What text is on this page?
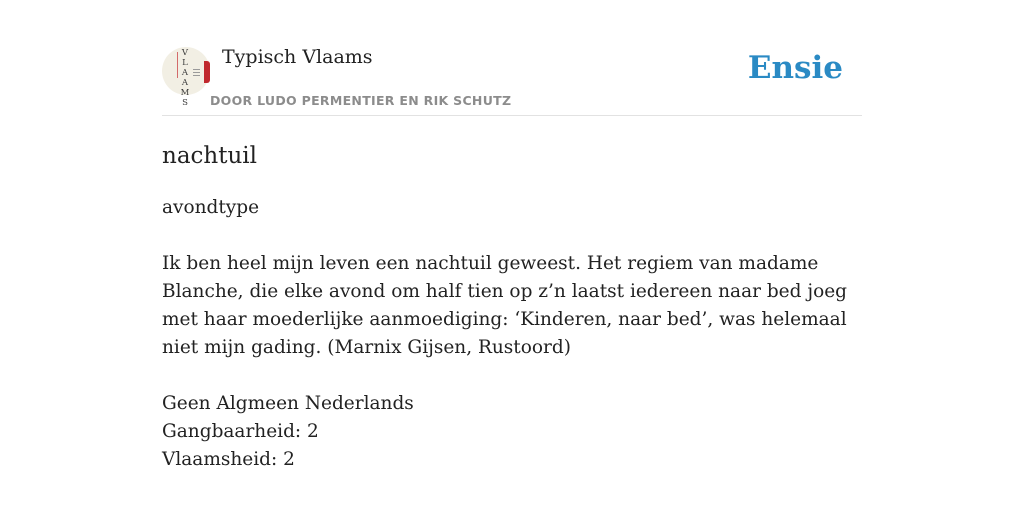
V
L
A
A
M
S
Typisch Vlaams
DOOR LUDO PERMENTIER EN RIK SCHUTZ
Ensie
nachtuil
avondtype
Ik ben heel mijn leven een nachtuil geweest. Het regiem van madame Blanche, die elke avond om half tien op z’n laatst iedereen naar bed joeg met haar moederlijke aanmoediging: ‘Kinderen, naar bed’, was helemaal niet mijn gading. (Marnix Gijsen, Rustoord)
Geen Algmeen Nederlands
Gangbaarheid: 2
Vlaamsheid: 2
